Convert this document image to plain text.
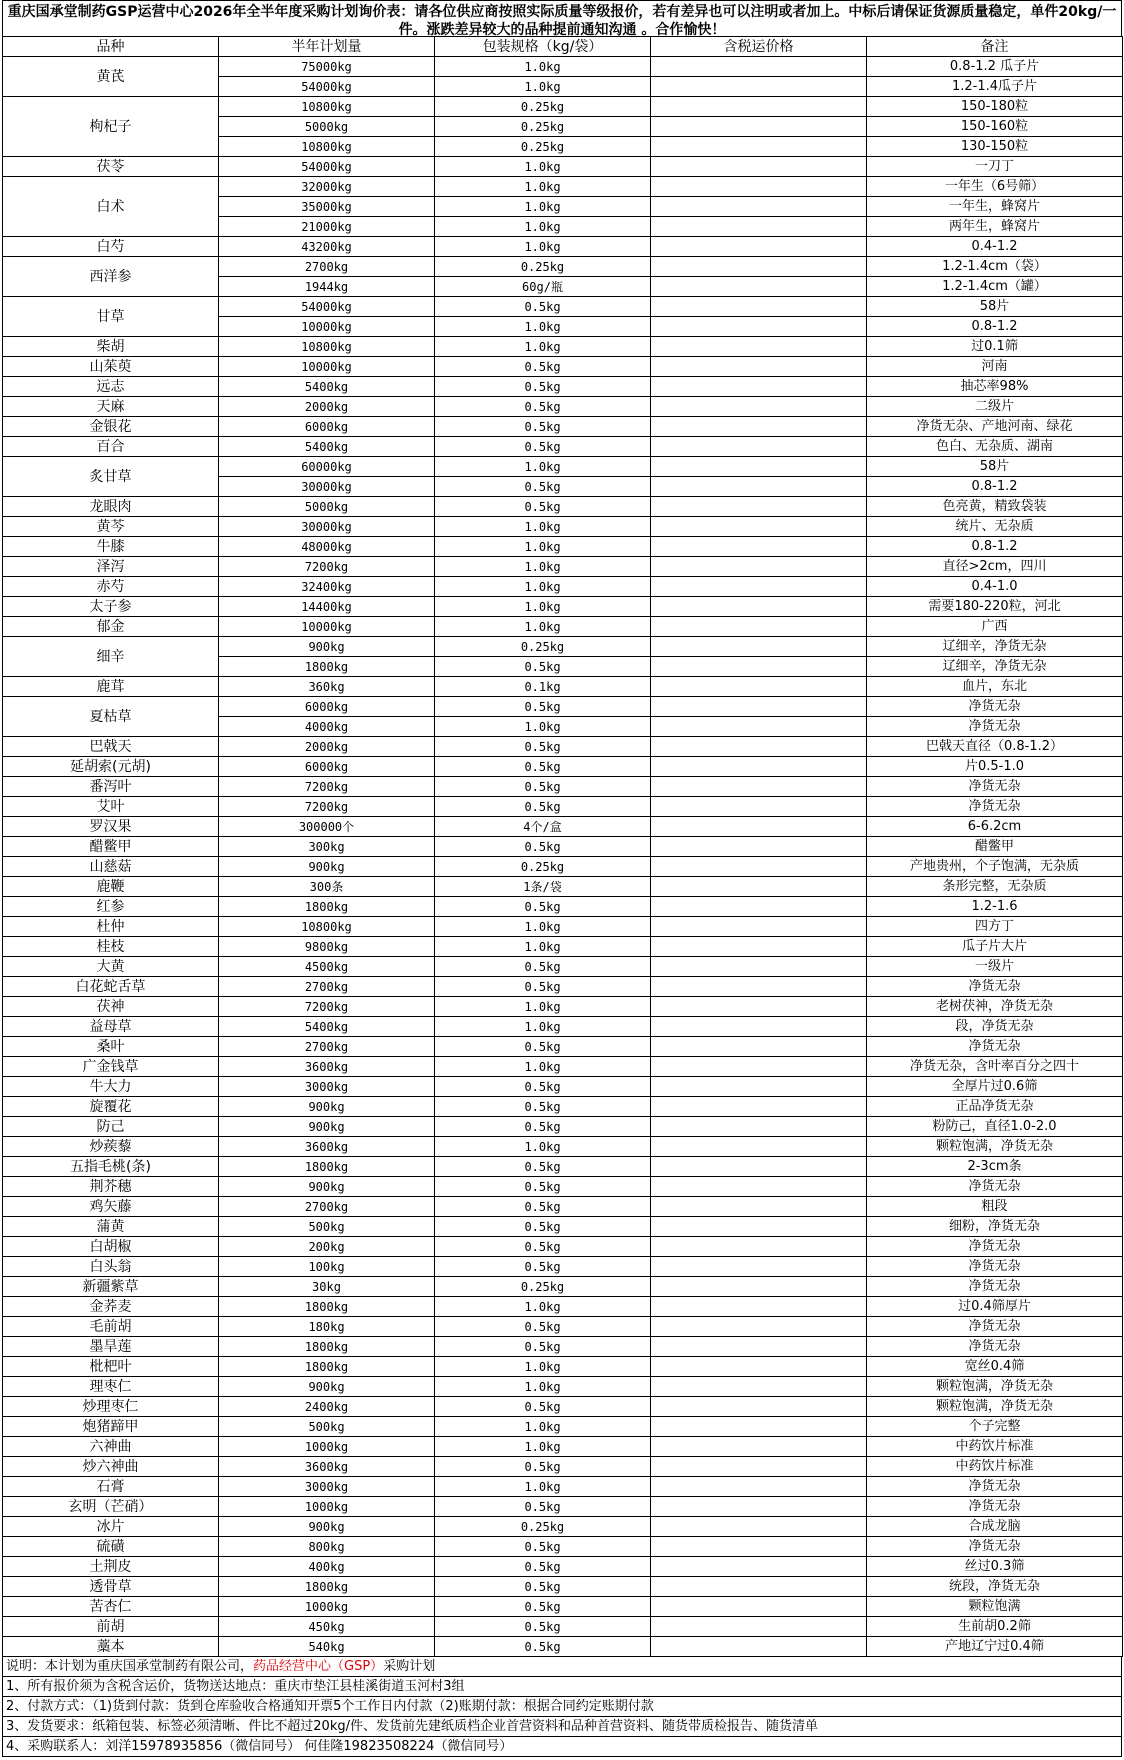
重庆国承堂制药GSP运营中心2026年全半年度采购计划询价表：请各位供应商按照实际质量等级报价，若有差异也可以注明或者加上。中标后请保证货源质量稳定，单件20kg/一件。涨跌差异较大的品种提前通知沟通 。合作愉快！
品种	半年计划量	包装规格（kg/袋）	含税运价格	备注
黄芪	75000kg	1.0kg		0.8-1.2 瓜子片
	54000kg	1.0kg		1.2-1.4瓜子片
枸杞子	10800kg	0.25kg		150-180粒
	5000kg	0.25kg		150-160粒
	10800kg	0.25kg		130-150粒
茯苓	54000kg	1.0kg		一刀丁
白术	32000kg	1.0kg		一年生（6号筛）
	35000kg	1.0kg		一年生，蜂窝片
	21000kg	1.0kg		两年生，蜂窝片
白芍	43200kg	1.0kg		0.4-1.2
西洋参	2700kg	0.25kg		1.2-1.4cm（袋）
	1944kg	60g/瓶		1.2-1.4cm（罐）
甘草	54000kg	0.5kg		58片
	10000kg	1.0kg		0.8-1.2
柴胡	10800kg	1.0kg		过0.1筛
山茱萸	10000kg	0.5kg		河南
远志	5400kg	0.5kg		抽芯率98%
天麻	2000kg	0.5kg		二级片
金银花	6000kg	0.5kg		净货无杂、产地河南、绿花
百合	5400kg	0.5kg		色白、无杂质、湖南
炙甘草	60000kg	1.0kg		58片
	30000kg	0.5kg		0.8-1.2
龙眼肉	5000kg	0.5kg		色亮黄，精致袋装
黄芩	30000kg	1.0kg		统片、无杂质
牛膝	48000kg	1.0kg		0.8-1.2
泽泻	7200kg	1.0kg		直径>2cm，四川
赤芍	32400kg	1.0kg		0.4-1.0
太子参	14400kg	1.0kg		需要180-220粒，河北
郁金	10000kg	1.0kg		广西
细辛	900kg	0.25kg		辽细辛，净货无杂
	1800kg	0.5kg		辽细辛，净货无杂
鹿茸	360kg	0.1kg		血片，东北
夏枯草	6000kg	0.5kg		净货无杂
	4000kg	1.0kg		净货无杂
巴戟天	2000kg	0.5kg		巴戟天直径（0.8-1.2）
延胡索(元胡)	6000kg	0.5kg		片0.5-1.0
番泻叶	7200kg	0.5kg		净货无杂
艾叶	7200kg	0.5kg		净货无杂
罗汉果	300000个	4个/盒		6-6.2cm
醋鳖甲	300kg	0.5kg		醋鳖甲
山慈菇	900kg	0.25kg		产地贵州，个子饱满，无杂质
鹿鞭	300条	1条/袋		条形完整，无杂质
红参	1800kg	0.5kg		1.2-1.6
杜仲	10800kg	1.0kg		四方丁
桂枝	9800kg	1.0kg		瓜子片大片
大黄	4500kg	0.5kg		一级片
白花蛇舌草	2700kg	0.5kg		净货无杂
茯神	7200kg	1.0kg		老树茯神，净货无杂
益母草	5400kg	1.0kg		段，净货无杂
桑叶	2700kg	0.5kg		净货无杂
广金钱草	3600kg	1.0kg		净货无杂，含叶率百分之四十
牛大力	3000kg	0.5kg		全厚片过0.6筛
旋覆花	900kg	0.5kg		正品净货无杂
防己	900kg	0.5kg		粉防己，直径1.0-2.0
炒蒺藜	3600kg	1.0kg		颗粒饱满，净货无杂
五指毛桃(条)	1800kg	0.5kg		2-3cm条
荆芥穗	900kg	0.5kg		净货无杂
鸡矢藤	2700kg	0.5kg		粗段
蒲黄	500kg	0.5kg		细粉，净货无杂
白胡椒	200kg	0.5kg		净货无杂
白头翁	100kg	0.5kg		净货无杂
新疆紫草	30kg	0.25kg		净货无杂
金荞麦	1800kg	1.0kg		过0.4筛厚片
毛前胡	180kg	0.5kg		净货无杂
墨旱莲	1800kg	0.5kg		净货无杂
枇杷叶	1800kg	1.0kg		宽丝0.4筛
理枣仁	900kg	1.0kg		颗粒饱满，净货无杂
炒理枣仁	2400kg	0.5kg		颗粒饱满，净货无杂
炮猪蹄甲	500kg	1.0kg		个子完整
六神曲	1000kg	1.0kg		中药饮片标准
炒六神曲	3600kg	0.5kg		中药饮片标准
石膏	3000kg	1.0kg		净货无杂
玄明（芒硝）	1000kg	0.5kg		净货无杂
冰片	900kg	0.25kg		合成龙脑
硫磺	800kg	0.5kg		净货无杂
土荆皮	400kg	0.5kg		丝过0.3筛
透骨草	1800kg	0.5kg		统段，净货无杂
苦杏仁	1000kg	0.5kg		颗粒饱满
前胡	450kg	0.5kg		生前胡0.2筛
藁本	540kg	0.5kg		产地辽宁过0.4筛
说明：本计划为重庆国承堂制药有限公司，药品经营中心（GSP）采购计划
1、所有报价须为含税含运价，货物送达地点：重庆市垫江县桂溪街道玉河村3组
2、付款方式：（1)货到付款：货到仓库验收合格通知开票5个工作日内付款（2)账期付款：根据合同约定账期付款
3、发货要求：纸箱包装、标签必须清晰、件比不超过20kg/件、发货前先建纸质档企业首营资料和品种首营资料、随货带质检报告、随货清单
4、采购联系人：刘洋15978935856（微信同号） 何佳隆19823508224（微信同号）
